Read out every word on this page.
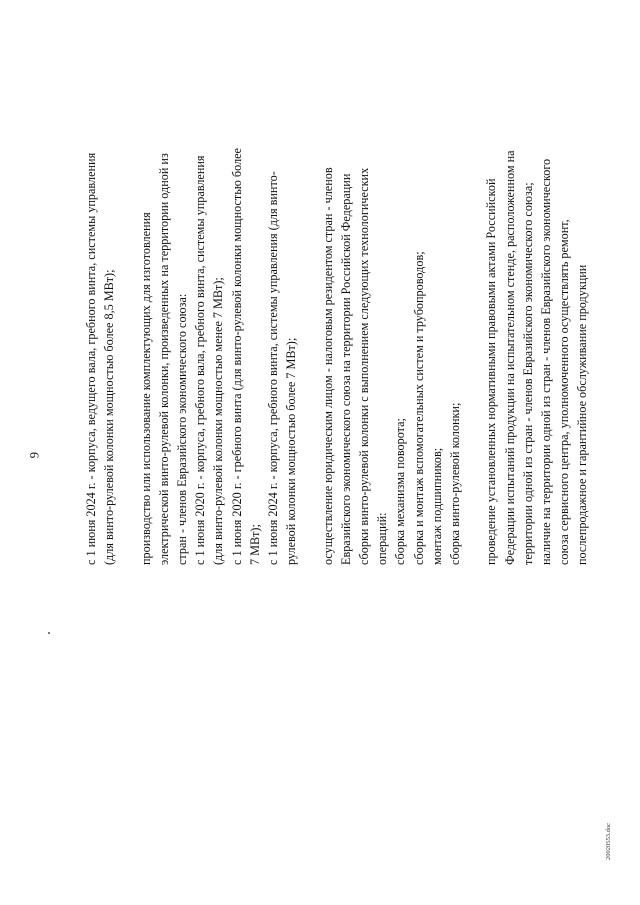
6	с 1 июня 2024 г. - корпуса, ведущего вала, гребного винта, системы управления (для винто-рулевой колонки мощностью более 8,5 МВт); производство или использование комплектующих для изготовления электрической винто-рулевой колонки, произведенных на территории одной из стран - членов Евразийского экономического союза: с 1 июня 2020 г. - корпуса, гребного вала, гребного винта, системы управления (для винто-рулевой колонки мощностью менее 7 МВт); с 1 июня 2020 г. - гребного винта (для винто-рулевой колонки мощностью более 7 МВт); с 1 июня 2024 г. - корпуса, гребного винта, системы управления (для винто- рулевой колонки мощностью более 7 МВт); осуществление юридическим лицом - налоговым резидентом стран - членов Евразийского экономического союза на территории Российской Федерации сборки винто-рулевой колонки с выполнением следующих технологических операций: сборка механизма поворота; сборка и монтаж вспомогательных систем и трубопроводов; монтаж подшипников; сборка винто-рулевой колонки; проведение установленных нормативными правовыми актами Российской Федерации испытаний продукции на испытательном стенде, расположенном на территории одной из стран - членов Евразийского экономического союза; наличие на территории одной из стран - членов Евразийского экономического союза сервисного центра, уполномоченного осуществлять ремонт, послепродажное и гарантийное обслуживание продукции

20020553.doc
